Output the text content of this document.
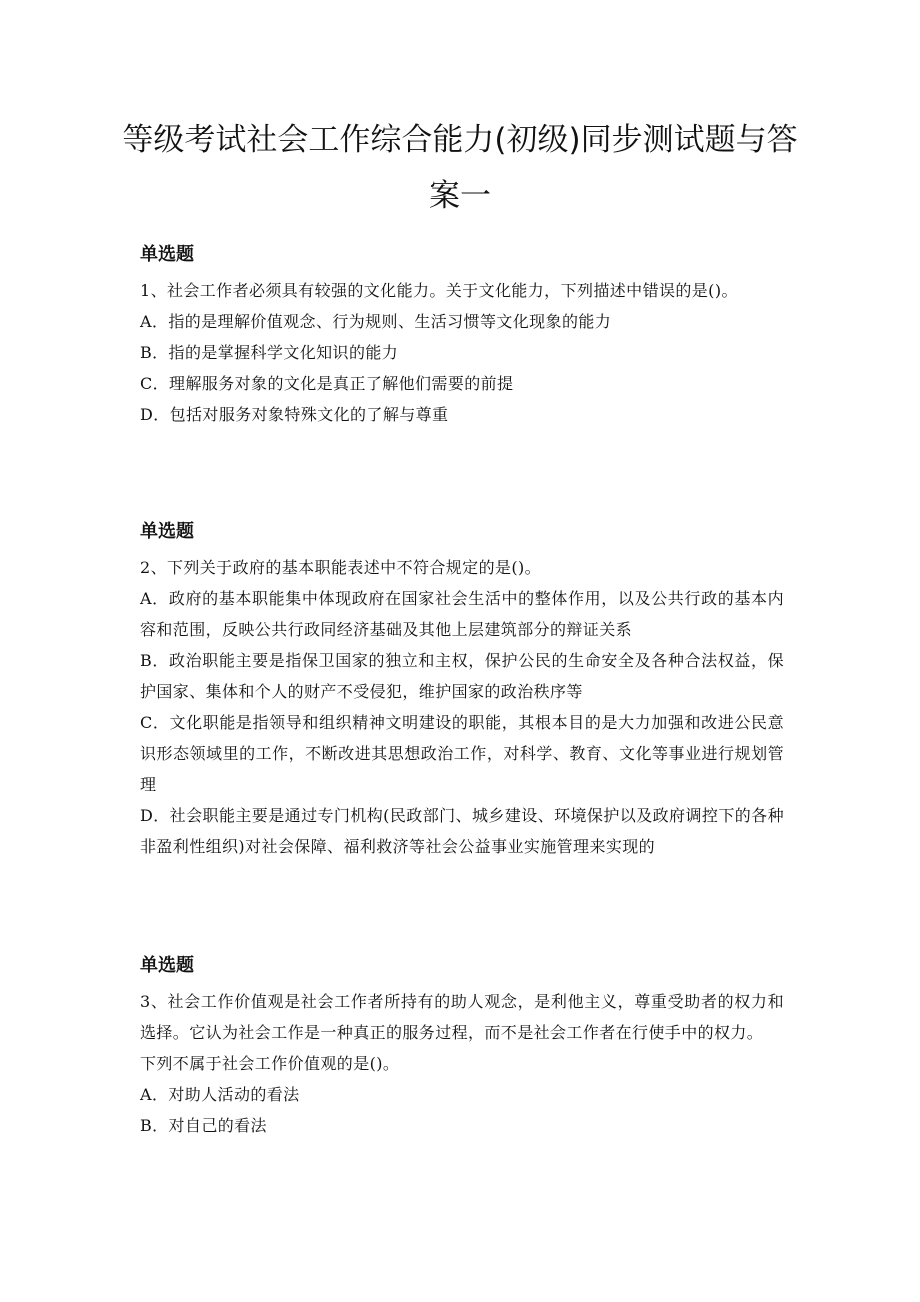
等级考试社会工作综合能力(初级)同步测试题与答案一
单选题

1、社会工作者必须具有较强的文化能力。关于文化能力，下列描述中错误的是()。

A．指的是理解价值观念、行为规则、生活习惯等文化现象的能力

B．指的是掌握科学文化知识的能力

C．理解服务对象的文化是真正了解他们需要的前提

D．包括对服务对象特殊文化的了解与尊重

单选题

2、下列关于政府的基本职能表述中不符合规定的是()。

A．政府的基本职能集中体现政府在国家社会生活中的整体作用，以及公共行政的基本内容和范围，反映公共行政同经济基础及其他上层建筑部分的辩证关系

B．政治职能主要是指保卫国家的独立和主权，保护公民的生命安全及各种合法权益，保护国家、集体和个人的财产不受侵犯，维护国家的政治秩序等

C．文化职能是指领导和组织精神文明建设的职能，其根本目的是大力加强和改进公民意识形态领域里的工作，不断改进其思想政治工作，对科学、教育、文化等事业进行规划管理

D．社会职能主要是通过专门机构(民政部门、城乡建设、环境保护以及政府调控下的各种非盈利性组织)对社会保障、福利救济等社会公益事业实施管理来实现的

单选题

3、社会工作价值观是社会工作者所持有的助人观念，是利他主义，尊重受助者的权力和选择。它认为社会工作是一种真正的服务过程，而不是社会工作者在行使手中的权力。

下列不属于社会工作价值观的是()。

A．对助人活动的看法

B．对自己的看法
